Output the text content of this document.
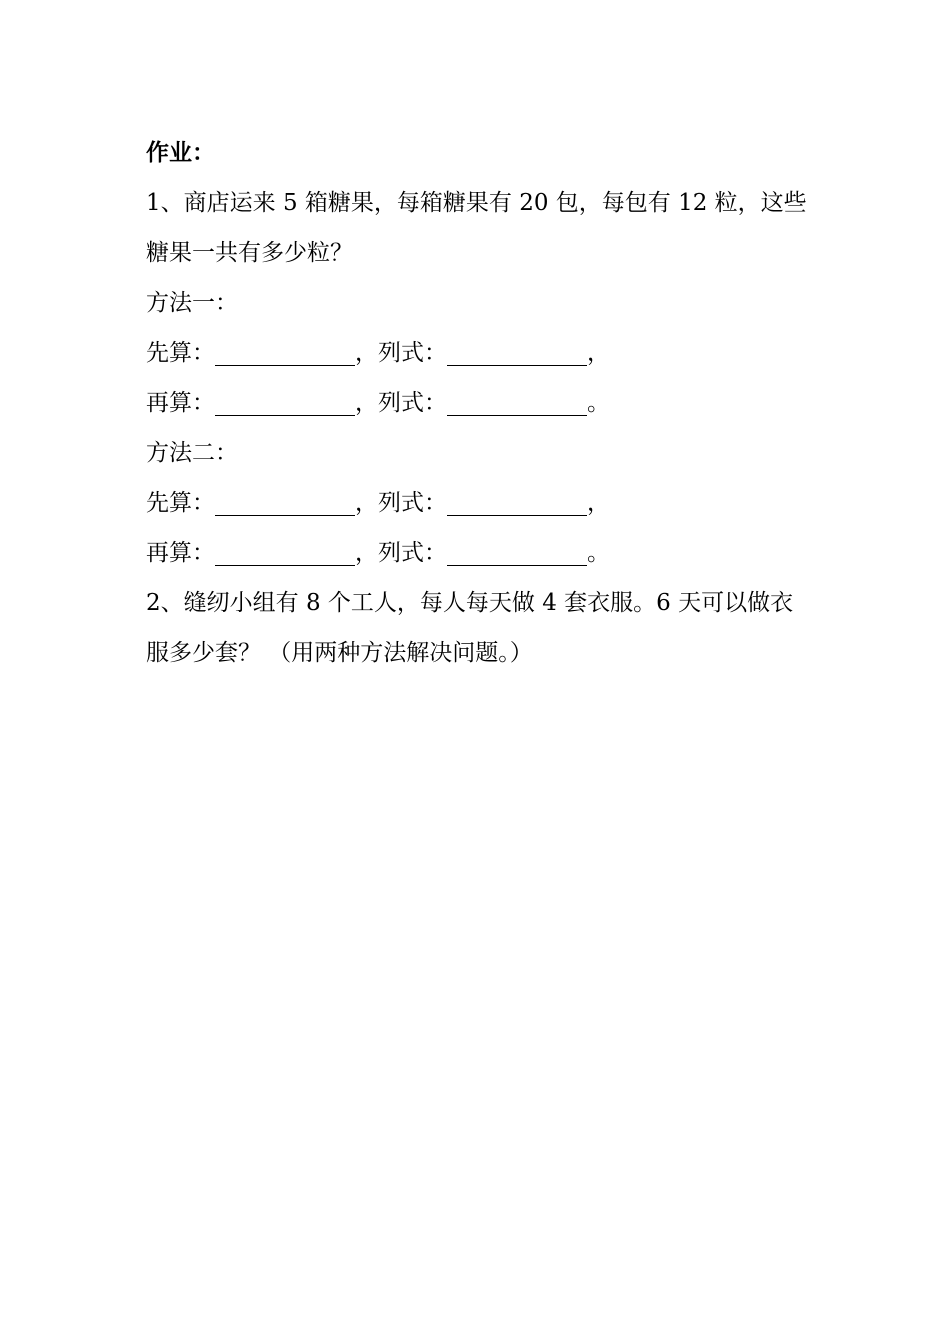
作业：
1、商店运来 5 箱糖果，每箱糖果有 20 包，每包有 12 粒，这些
糖果一共有多少粒？
方法一：
先算：	，列式：	，
再算：	，列式：	。
方法二：
先算：	，列式：	，
再算：	，列式：	。
2、缝纫小组有 8 个工人，每人每天做 4 套衣服。6 天可以做衣
服多少套？ （用两种方法解决问题。）
